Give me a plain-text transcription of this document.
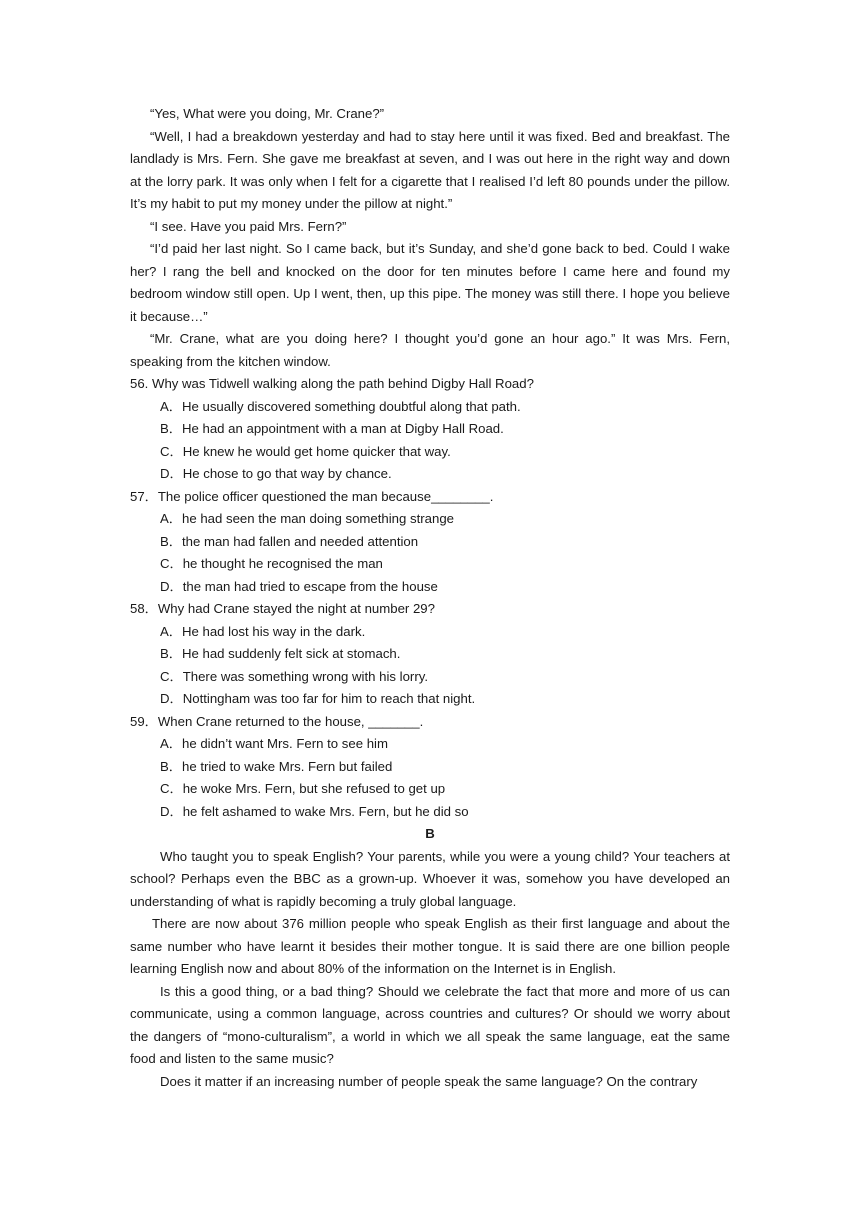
“Yes, What were you doing, Mr. Crane?”

“Well, I had a breakdown yesterday and had to stay here until it was fixed. Bed and breakfast. The landlady is Mrs. Fern. She gave me breakfast at seven, and I was out here in the right way and down at the lorry park. It was only when I felt for a cigarette that I realised I’d left 80 pounds under the pillow. It’s my habit to put my money under the pillow at night.”

“I see. Have you paid Mrs. Fern?”

“I’d paid her last night. So I came back, but it’s Sunday, and she’d gone back to bed. Could I wake her? I rang the bell and knocked on the door for ten minutes before I came here and found my bedroom window still open. Up I went, then, up this pipe. The money was still there. I hope you believe it because…”

“Mr. Crane, what are you doing here? I thought you’d gone an hour ago.” It was Mrs. Fern, speaking from the kitchen window.

56. Why was Tidwell walking along the path behind Digby Hall Road?

A．He usually discovered something doubtful along that path.

B．He had an appointment with a man at Digby Hall Road.

C．He knew he would get home quicker that way.

D．He chose to go that way by chance.

57．The police officer questioned the man because________.

A．he had seen the man doing something strange

B．the man had fallen and needed attention

C．he thought he recognised the man

D．the man had tried to escape from the house

58．Why had Crane stayed the night at number 29?

A．He had lost his way in the dark.

B．He had suddenly felt sick at stomach.

C．There was something wrong with his lorry.

D．Nottingham was too far for him to reach that night.

59．When Crane returned to the house, _______.

A．he didn’t want Mrs. Fern to see him

B．he tried to wake Mrs. Fern but failed

C．he woke Mrs. Fern, but she refused to get up

D．he felt ashamed to wake Mrs. Fern, but he did so

B

Who taught you to speak English? Your parents, while you were a young child? Your teachers at school? Perhaps even the BBC as a grown-up. Whoever it was, somehow you have developed an understanding of what is rapidly becoming a truly global language.

There are now about 376 million people who speak English as their first language and about the same number who have learnt it besides their mother tongue. It is said there are one billion people learning English now and about 80% of the information on the Internet is in English.

Is this a good thing, or a bad thing? Should we celebrate the fact that more and more of us can communicate, using a common language, across countries and cultures? Or should we worry about the dangers of “mono-culturalism”, a world in which we all speak the same language, eat the same food and listen to the same music?

Does it matter if an increasing number of people speak the same language? On the contrary
